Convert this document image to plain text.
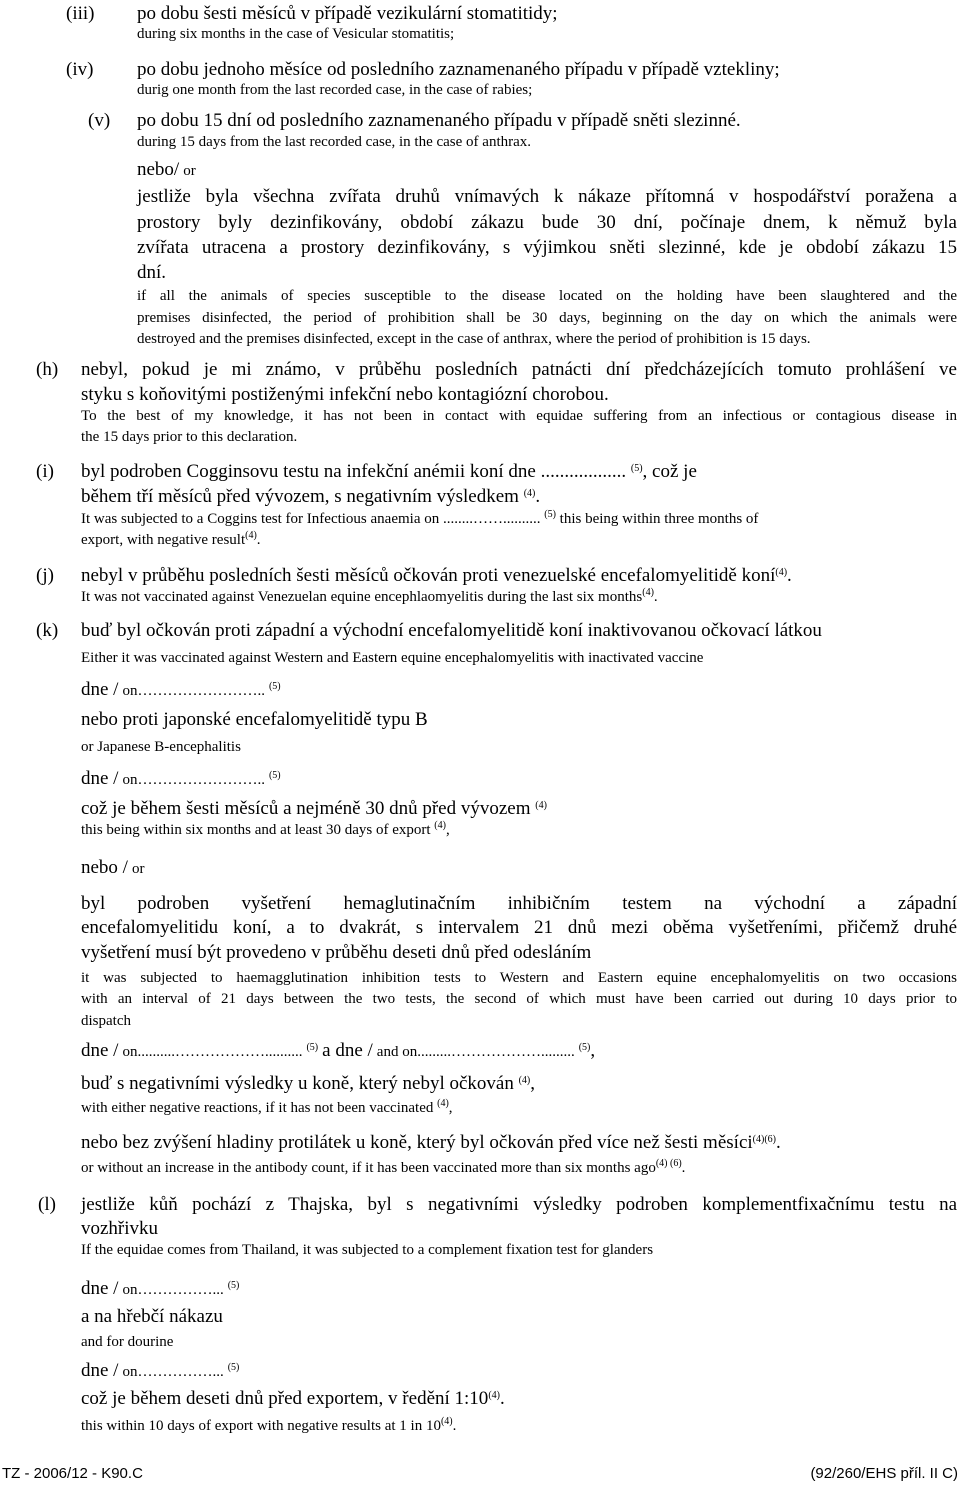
(iii) po dobu šesti měsíců v případě vezikulární stomatitidy;
during six months in the case of Vesicular stomatitis;
(iv) po dobu jednoho měsíce od posledního zaznamenaného případu v případě vztekliny;
durig one month from the last recorded case, in the case of rabies;
(v) po dobu 15 dní od posledního zaznamenaného případu v případě sněti slezinné.
during 15 days from the last recorded case, in the case of anthrax.
nebo/ or
jestliže byla všechna zvířata druhů vnímavých k nákaze přítomná v hospodářství poražena a
prostory byly dezinfikovány, období zákazu bude 30 dní, počínaje dnem, k němuž byla
zvířata utracena a prostory dezinfikovány, s výjimkou sněti slezinné, kde je období zákazu 15
dní.
if all the animals of species susceptible to the disease located on the holding have been slaughtered and the
premises disinfected, the period of prohibition shall be 30 days, beginning on the day on which the animals were
destroyed and the premises disinfected, except in the case of anthrax, where the period of prohibition is 15 days.
(h) nebyl, pokud je mi známo, v průběhu posledních patnácti dní předcházejících tomuto prohlášení ve
styku s koňovitými postiženými infekční nebo kontagiózní chorobou.
To the best of my knowledge, it has not been in contact with equidae suffering from an infectious or contagious disease in
the 15 days prior to this declaration.
(i) byl podroben Cogginsovu testu na infekční anémii koní dne .................. $^{(5)}$, což je
během tří měsíců před vývozem, s negativním výsledkem $^{(4)}$.
It was subjected to a Coggins test for Infectious anaemia on ........…….......... $^{(5)}$ this being within three months of
export, with negative result$^{(4)}$.
(j) nebyl v průběhu posledních šesti měsíců očkován proti venezuelské encefalomyelitidě koní$^{(4)}$.
It was not vaccinated against Venezuelan equine encephlaomyelitis during the last six months$^{(4)}$.
(k) buď byl očkován proti západní a východní encefalomyelitidě koní inaktivovanou očkovací látkou
Either it was vaccinated against Western and Eastern equine encephalomyelitis with inactivated vaccine
dne / on…………………….. $^{(5)}$
nebo proti japonské encefalomyelitidě typu B
or Japanese B-encephalitis
dne / on…………………….. $^{(5)}$
což je během šesti měsíců a nejméně 30 dnů před vývozem $^{(4)}$
this being within six months and at least 30 days of export $^{(4)}$,
nebo / or
byl podroben vyšetření hemaglutinačním inhibičním testem na východní a západní
encefalomyelitidu koní, a to dvakrát, s intervalem 21 dnů mezi oběma vyšetřeními, přičemž druhé
vyšetření musí být provedeno v průběhu deseti dnů před odesláním
it was subjected to haemagglutination inhibition tests to Western and Eastern equine encephalomyelitis on two occasions
with an interval of 21 days between the two tests, the second of which must have been carried out during 10 days prior to
dispatch
dne / on..........……………….......... $^{(5)}$ a dne / and on.........………………......... $^{(5)}$,
buď s negativními výsledky u koně, který nebyl očkován $^{(4)}$,
with either negative reactions, if it has not been vaccinated $^{(4)}$,
nebo bez zvýšení hladiny protilátek u koně, který byl očkován před více než šesti měsíci$^{(4)(6)}$.
or without an increase in the antibody count, if it has been vaccinated more than six months ago$^{(4) (6)}$.
(l) jestliže kůň pochází z Thajska, byl s negativními výsledky podroben komplementfixačnímu testu na
vozhřivku
If the equidae comes from Thailand, it was subjected to a complement fixation test for glanders
dne / on……………... $^{(5)}$
a na hřebčí nákazu
and for dourine
dne / on……………... $^{(5)}$
což je během deseti dnů před exportem, v ředění 1:10$^{(4)}$.
this within 10 days of export with negative results at 1 in 10$^{(4)}$.
TZ - 2006/12 - K90.C	(92/260/EHS příl. II C)
